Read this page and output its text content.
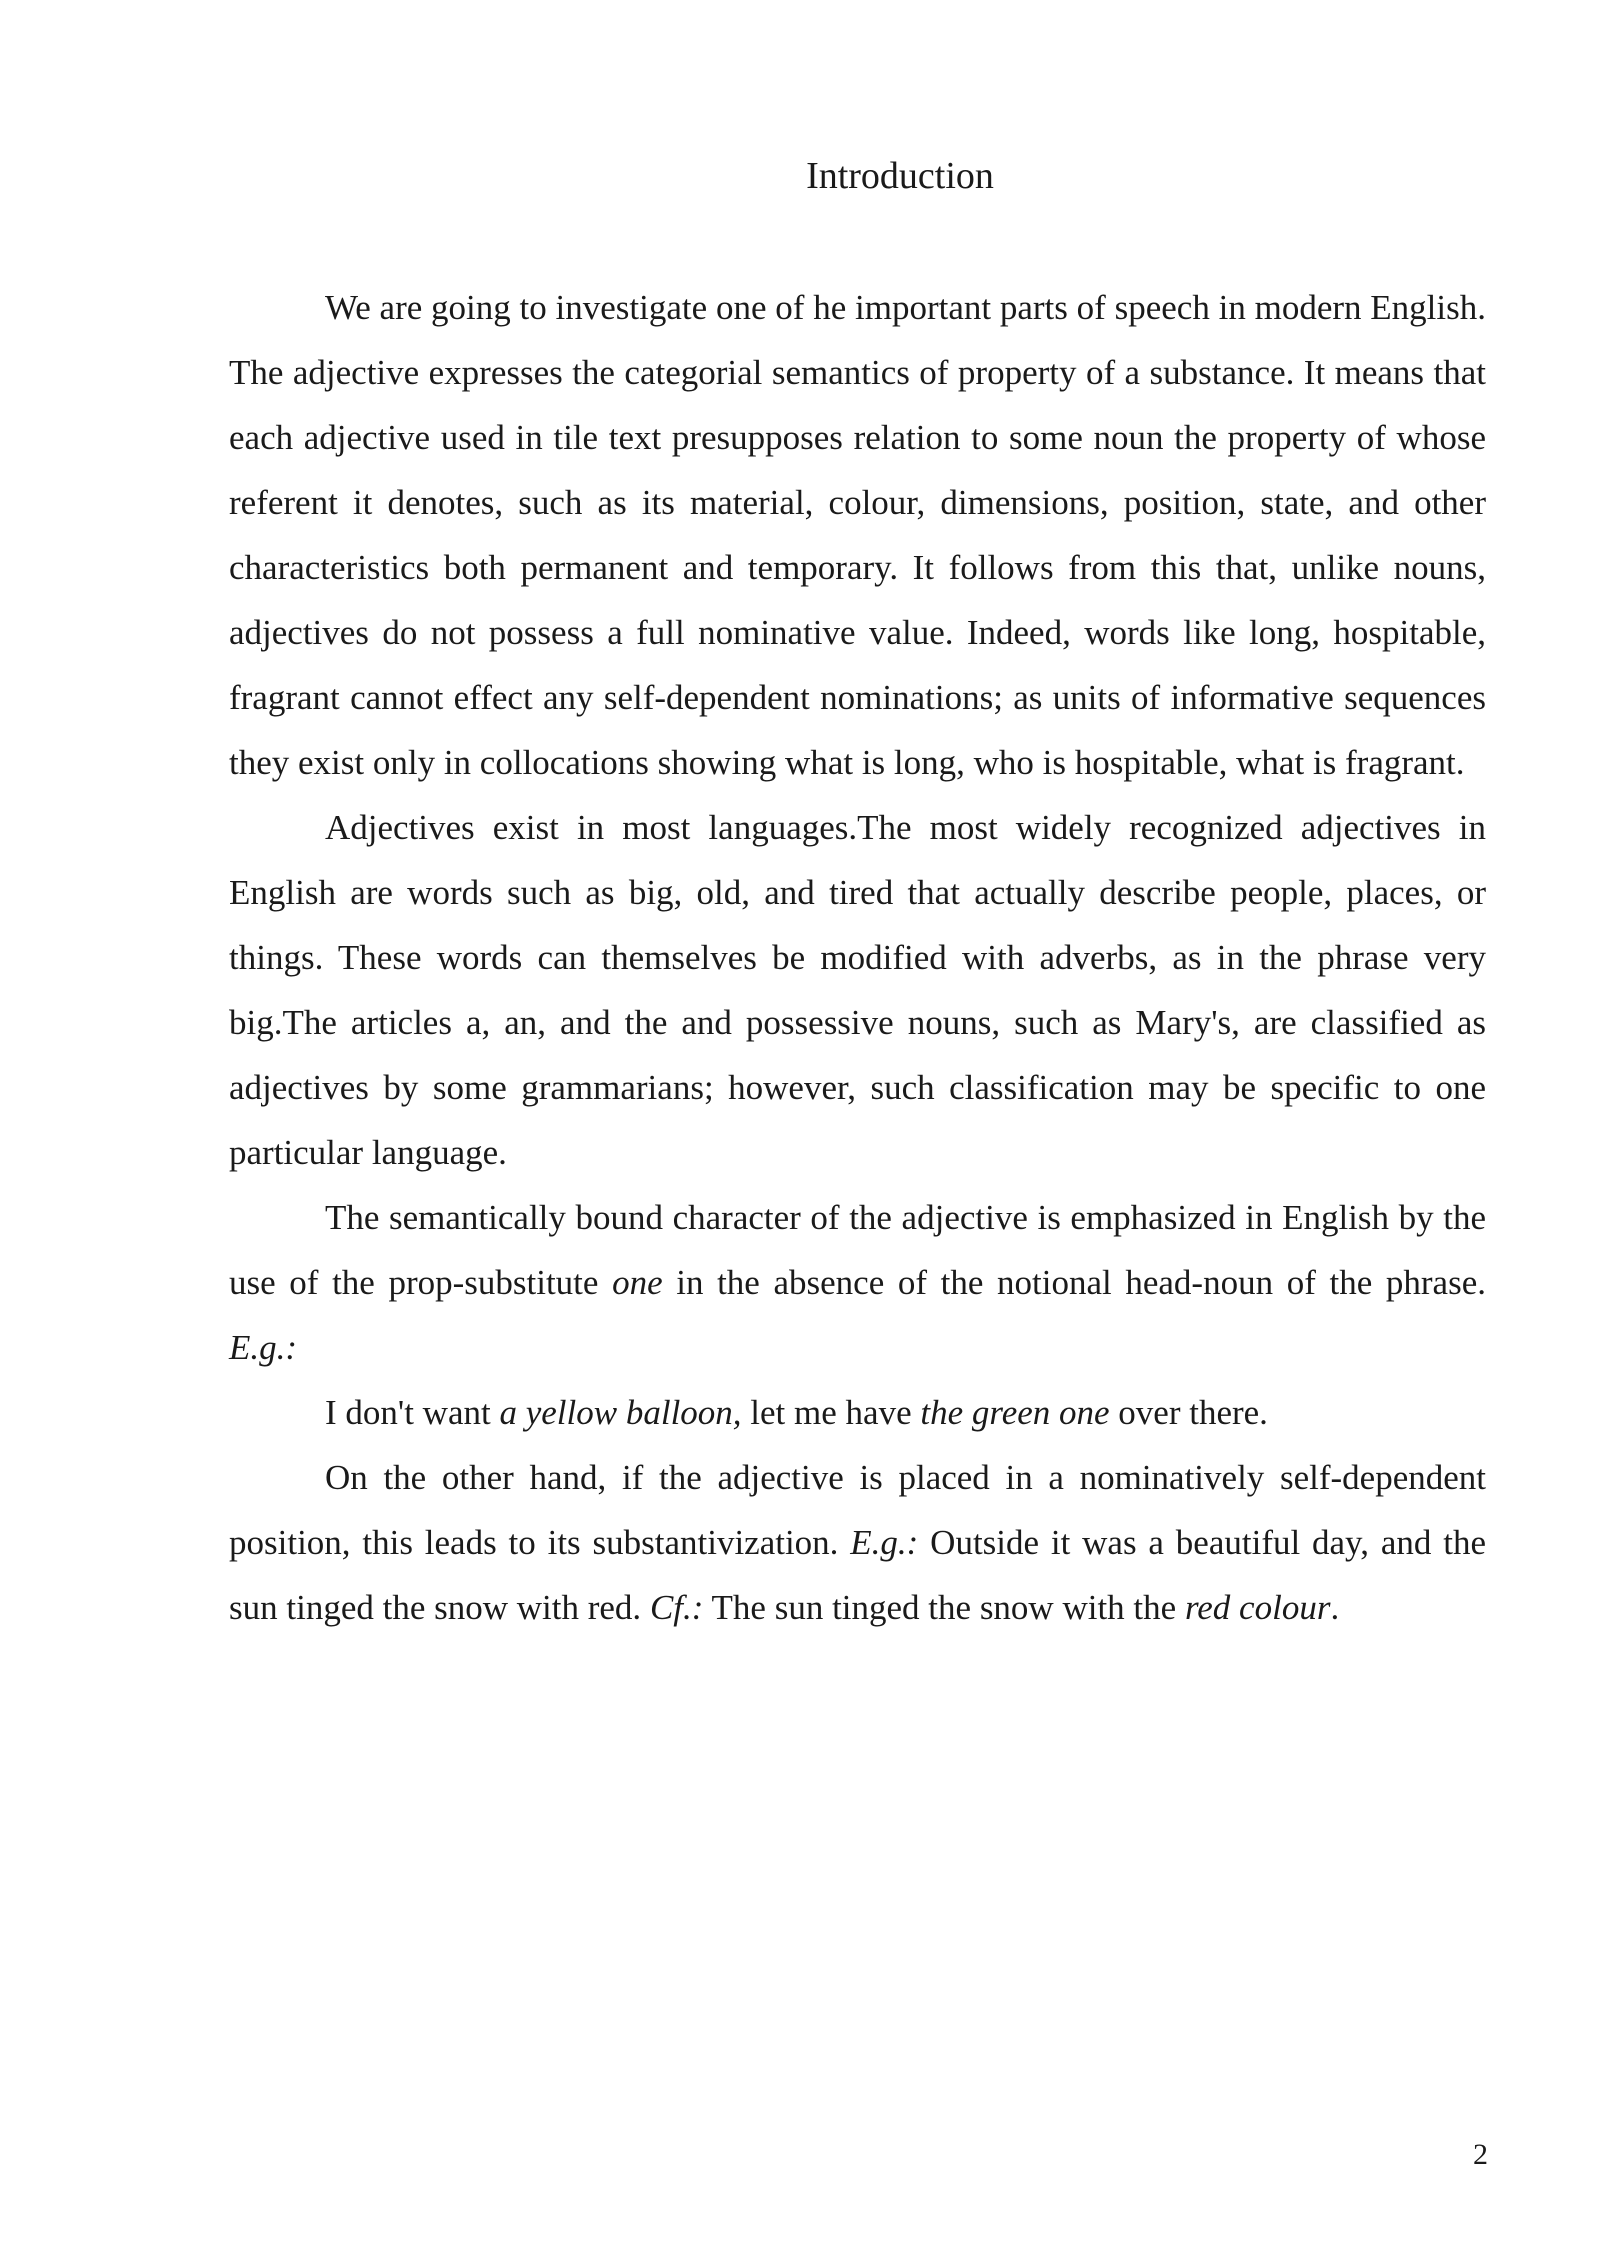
Introduction

We are going to investigate one of he important parts of speech in modern English. The adjective expresses the categorial semantics of property of a substance. It means that each adjective used in tile text presupposes relation to some noun the property of whose referent it denotes, such as its material, colour, dimensions, position, state, and other characteristics both permanent and temporary. It follows from this that, unlike nouns, adjectives do not possess a full nominative value. Indeed, words like long, hospitable, fragrant cannot effect any self-dependent nominations; as units of informative sequences they exist only in collocations showing what is long, who is hospitable, what is fragrant.

Adjectives exist in most languages.The most widely recognized adjectives in English are words such as big, old, and tired that actually describe people, places, or things. These words can themselves be modified with adverbs, as in the phrase very big.The articles a, an, and the and possessive nouns, such as Mary's, are classified as adjectives by some grammarians; however, such classification may be specific to one particular language.

The semantically bound character of the adjective is emphasized in English by the use of the prop-substitute one in the absence of the notional head-noun of the phrase. E.g.:

I don't want a yellow balloon, let me have the green one over there.

On the other hand, if the adjective is placed in a nominatively self-dependent position, this leads to its substantivization. E.g.: Outside it was a beautiful day, and the sun tinged the snow with red. Cf.: The sun tinged the snow with the red colour.

2
